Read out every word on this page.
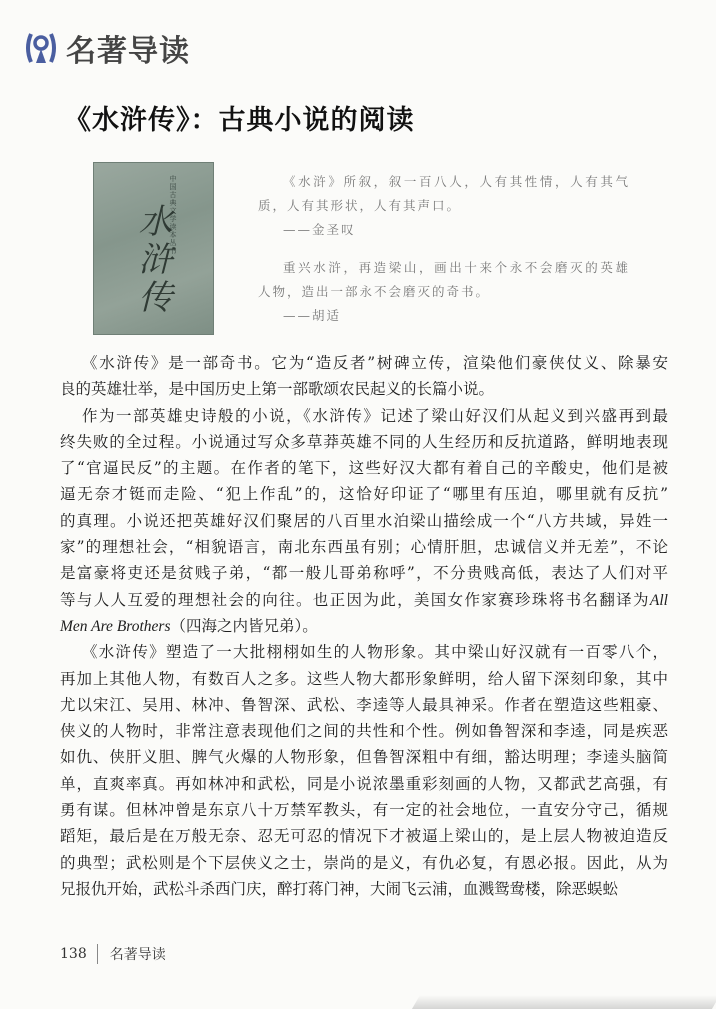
名著导读
《水浒传》：古典小说的阅读
中国古典文学读本丛书
水浒传

《水浒》所叙，叙一百八人，人有其性情，人有其气质，人有其形状，人有其声口。

——金圣叹

重兴水浒，再造梁山，画出十来个永不会磨灭的英雄人物，造出一部永不会磨灭的奇书。

——胡适

《水浒传》是一部奇书。它为“造反者”树碑立传，渲染他们豪侠仗义、除暴安
良的英雄壮举，是中国历史上第一部歌颂农民起义的长篇小说。
作为一部英雄史诗般的小说，《水浒传》记述了梁山好汉们从起义到兴盛再到最
终失败的全过程。小说通过写众多草莽英雄不同的人生经历和反抗道路，鲜明地表现
了“官逼民反”的主题。在作者的笔下，这些好汉大都有着自己的辛酸史，他们是被
逼无奈才铤而走险、“犯上作乱”的，这恰好印证了“哪里有压迫，哪里就有反抗”
的真理。小说还把英雄好汉们聚居的八百里水泊梁山描绘成一个“八方共域，异姓一
家”的理想社会，“相貌语言，南北东西虽有别；心情肝胆，忠诚信义并无差”，不论
是富豪将吏还是贫贱子弟，“都一般儿哥弟称呼”，不分贵贱高低，表达了人们对平
等与人人互爱的理想社会的向往。也正因为此，美国女作家赛珍珠将书名翻译为All
Men Are Brothers（四海之内皆兄弟）。
《水浒传》塑造了一大批栩栩如生的人物形象。其中梁山好汉就有一百零八个，
再加上其他人物，有数百人之多。这些人物大都形象鲜明，给人留下深刻印象，其中
尤以宋江、吴用、林冲、鲁智深、武松、李逵等人最具神采。作者在塑造这些粗豪、
侠义的人物时，非常注意表现他们之间的共性和个性。例如鲁智深和李逵，同是疾恶
如仇、侠肝义胆、脾气火爆的人物形象，但鲁智深粗中有细，豁达明理；李逵头脑简
单，直爽率真。再如林冲和武松，同是小说浓墨重彩刻画的人物，又都武艺高强，有
勇有谋。但林冲曾是东京八十万禁军教头，有一定的社会地位，一直安分守己，循规
蹈矩，最后是在万般无奈、忍无可忍的情况下才被逼上梁山的，是上层人物被迫造反
的典型；武松则是个下层侠义之士，崇尚的是义，有仇必复，有恩必报。因此，从为
兄报仇开始，武松斗杀西门庆，醉打蒋门神，大闹飞云浦，血溅鸳鸯楼，除恶蜈蚣
138 名著导读
